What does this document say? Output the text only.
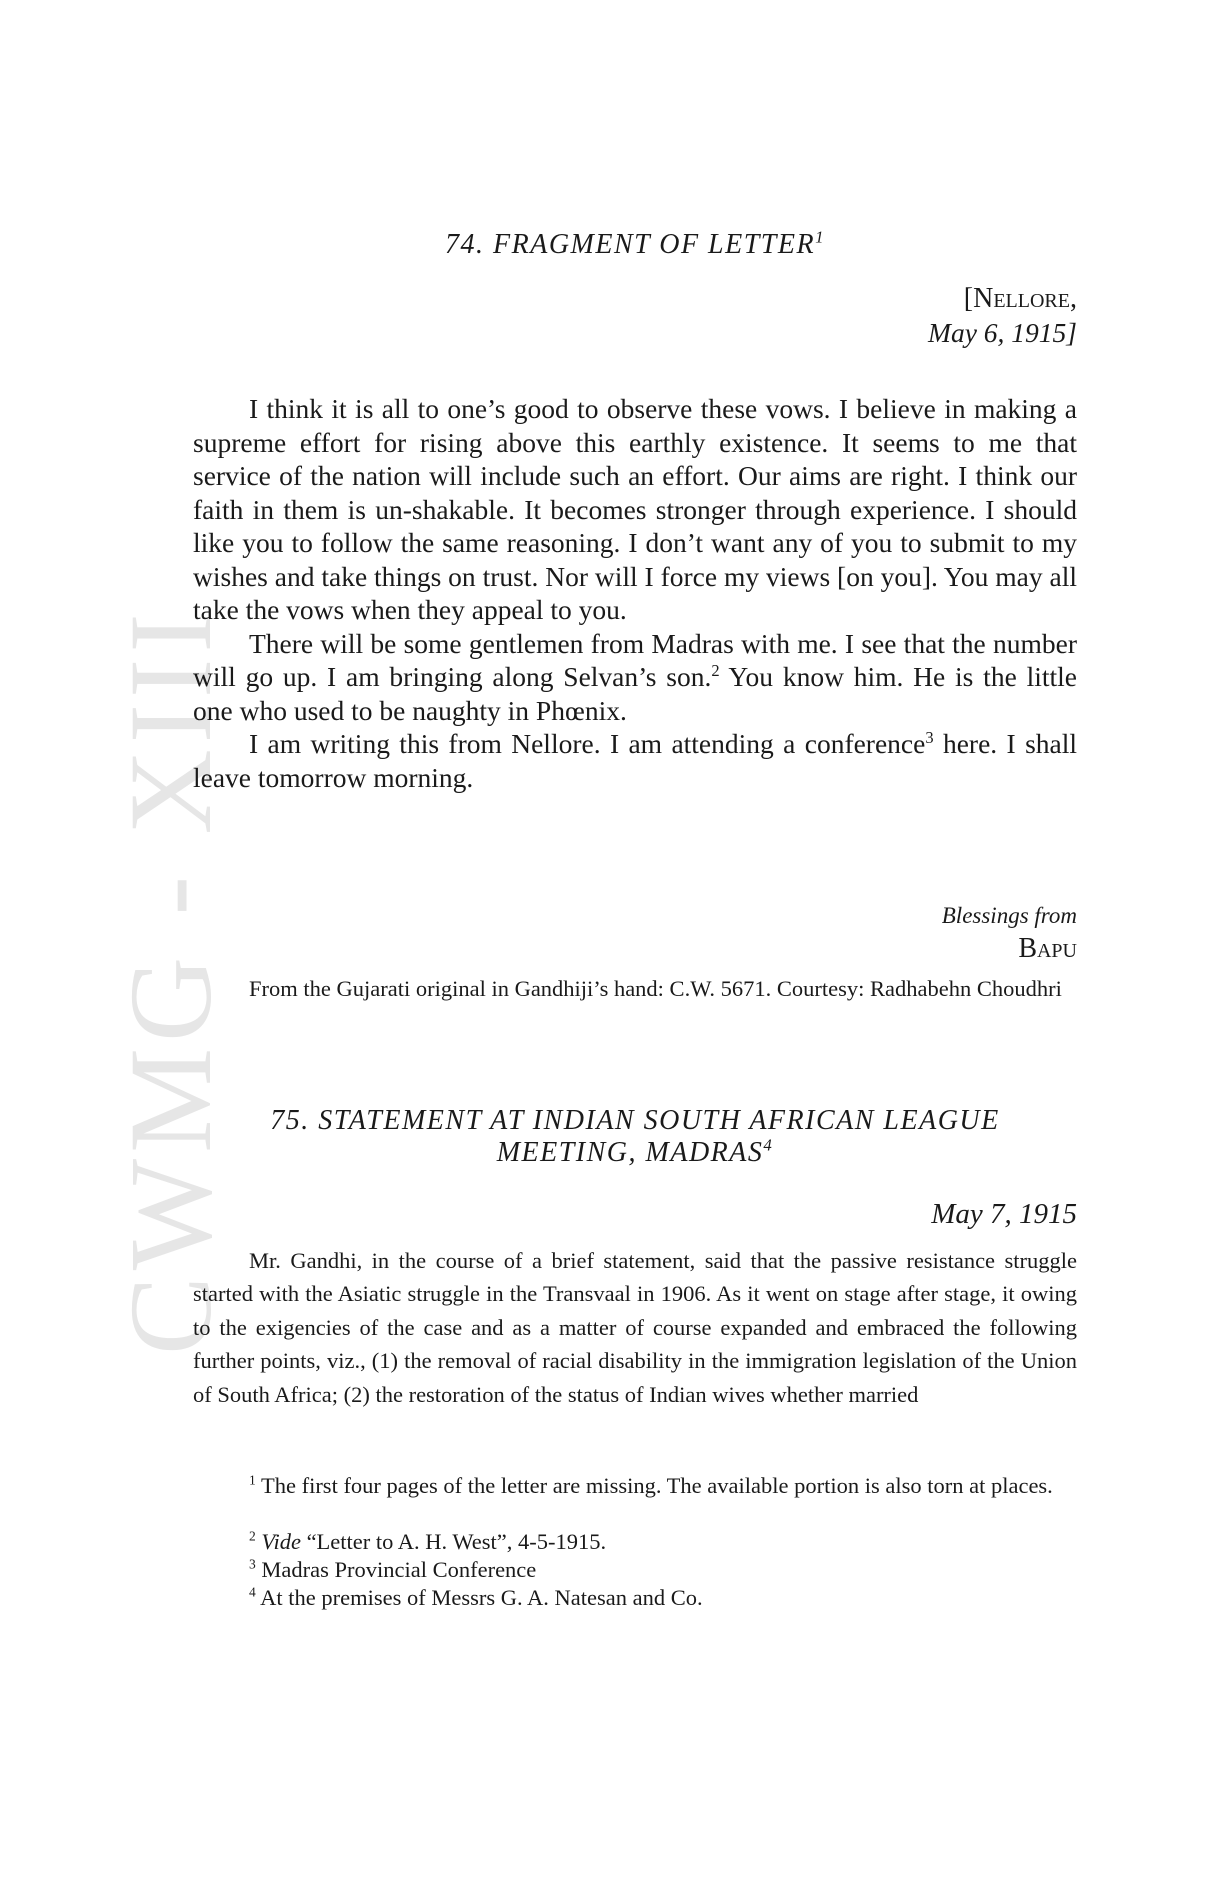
CWMG - XIII
74. FRAGMENT OF LETTER$^1$
[Nellore,
May 6, 1915]
I think it is all to one’s good to observe these vows. I believe in making a supreme effort for rising above this earthly existence. It seems to me that service of the nation will include such an effort. Our aims are right. I think our faith in them is un-shakable. It becomes stronger through experience. I should like you to follow the same reasoning. I don’t want any of you to submit to my wishes and take things on trust. Nor will I force my views [on you]. You may all take the vows when they appeal to you.
There will be some gentlemen from Madras with me. I see that the number will go up. I am bringing along Selvan’s son.$^2$ You know him. He is the little one who used to be naughty in Phœnix.
I am writing this from Nellore. I am attending a conference$^3$ here. I shall leave tomorrow morning.
Blessings from
Bapu
From the Gujarati original in Gandhiji’s hand: C.W. 5671. Courtesy: Radhabehn Choudhri
75. STATEMENT AT INDIAN SOUTH AFRICAN LEAGUE
MEETING, MADRAS$^4$
May 7, 1915
Mr. Gandhi, in the course of a brief statement, said that the passive resistance struggle started with the Asiatic struggle in the Transvaal in 1906. As it went on stage after stage, it owing to the exigencies of the case and as a matter of course expanded and embraced the following further points, viz., (1) the removal of racial disability in the immigration legislation of the Union of South Africa; (2) the restoration of the status of Indian wives whether married
$^1$ The first four pages of the letter are missing. The available portion is also torn at places.
$^2$ Vide “Letter to A. H. West”, 4-5-1915.
$^3$ Madras Provincial Conference
$^4$ At the premises of Messrs G. A. Natesan and Co.
